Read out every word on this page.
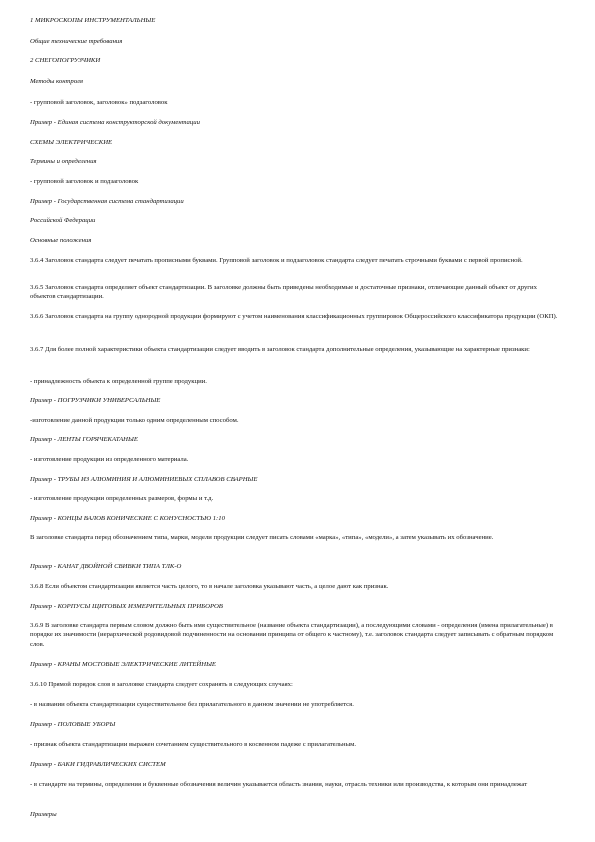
1 МИКРОСКОПЫ ИНСТРУМЕНТАЛЬНЫЕ
Общие технические требования
2 СНЕГОПОГРУЗЧИКИ
Методы контроля
- групповой заголовок, заголовок» подзаголовок
Пример - Единая система конструкторской документации
СХЕМЫ ЭЛЕКТРИЧЕСКИЕ
Термины и определения
- групповой заголовок и подзаголовок
Пример - Государственная система стандартизации
Российской Федерации
Основные положения
3.6.4 Заголовок стандарта следует печатать прописными буквами. Групповой заголовок и подзаголовок стандарта следует печатать строчными буквами с первой прописной.
3.6.5 Заголовок стандарта определяет объект стандартизации. В заголовке должны быть приведены необходимые и достаточные признаки, отличающие данный объект от других объектов стандартизации.
3.6.6 Заголовок стандарта на группу однородной продукции формируют с учетом наименования классификационных группировок Общероссийского классификатора продукции (ОКП).
3.6.7 Для более полной характеристики объекта стандартизации следует вводить в заголовок стандарта дополнительные определения, указывающие на характерные признаки:
- принадлежность объекта к определенной группе продукции.
Пример - ПОГРУЗЧИКИ УНИВЕРСАЛЬНЫЕ
-изготовление данной продукции только одним определенным способом.
Пример - ЛЕНТЫ ГОРЯЧЕКАТАНЫЕ
- изготовление продукции из определенного материала.
Пример - ТРУБЫ ИЗ АЛЮМИНИЯ И АЛЮМИНИЕВЫХ СПЛАВОВ СВАРНЫЕ
- изготовление продукции определенных размеров, формы и т.д.
Пример - КОНЦЫ ВАЛОВ КОНИЧЕСКИЕ С КОНУСНОСТЬЮ 1:10
В заголовке стандарта перед обозначением типа, марки, модели продукции следует писать словами «марка», «типа», «модели», а затем указывать их обозначение.
Пример - КАНАТ ДВОЙНОЙ СВИВКИ ТИПА ТЛК-О
3.6.8 Если объектом стандартизации является часть целого, то в начале заголовка указывают часть, а целое дают как признак.
Пример - КОРПУСЫ ЩИТОВЫХ ИЗМЕРИТЕЛЬНЫХ ПРИБОРОВ
3.6.9 В заголовке стандарта первым словом должно быть имя существительное (название объекта стандартизации), а последующими словами - определения (имена прилагательные) в порядке их значимости (иерархической родовидовой подчиненности на основании принципа от общего к частному), т.е. заголовок стандарта следует записывать с обратным порядком слов.
Пример - КРАНЫ МОСТОВЫЕ ЭЛЕКТРИЧЕСКИЕ ЛИТЕЙНЫЕ
3.6.10 Прямой порядок слов в заголовке стандарта следует сохранять в следующих случаях:
- в названии объекта стандартизации существительное без прилагательного в данном значении не употребляется.
Пример - ПОЛОВЫЕ УБОРЫ
- признак объекта стандартизации выражен сочетанием существительного в косвенном падеже с прилагательным.
Пример - БАКИ ГИДРАВЛИЧЕСКИХ СИСТЕМ
- в стандарте на термины, определения и буквенные обозначения величин указывается область знания, науки, отрасль техники или производства, к которым они принадлежат
Примеры
